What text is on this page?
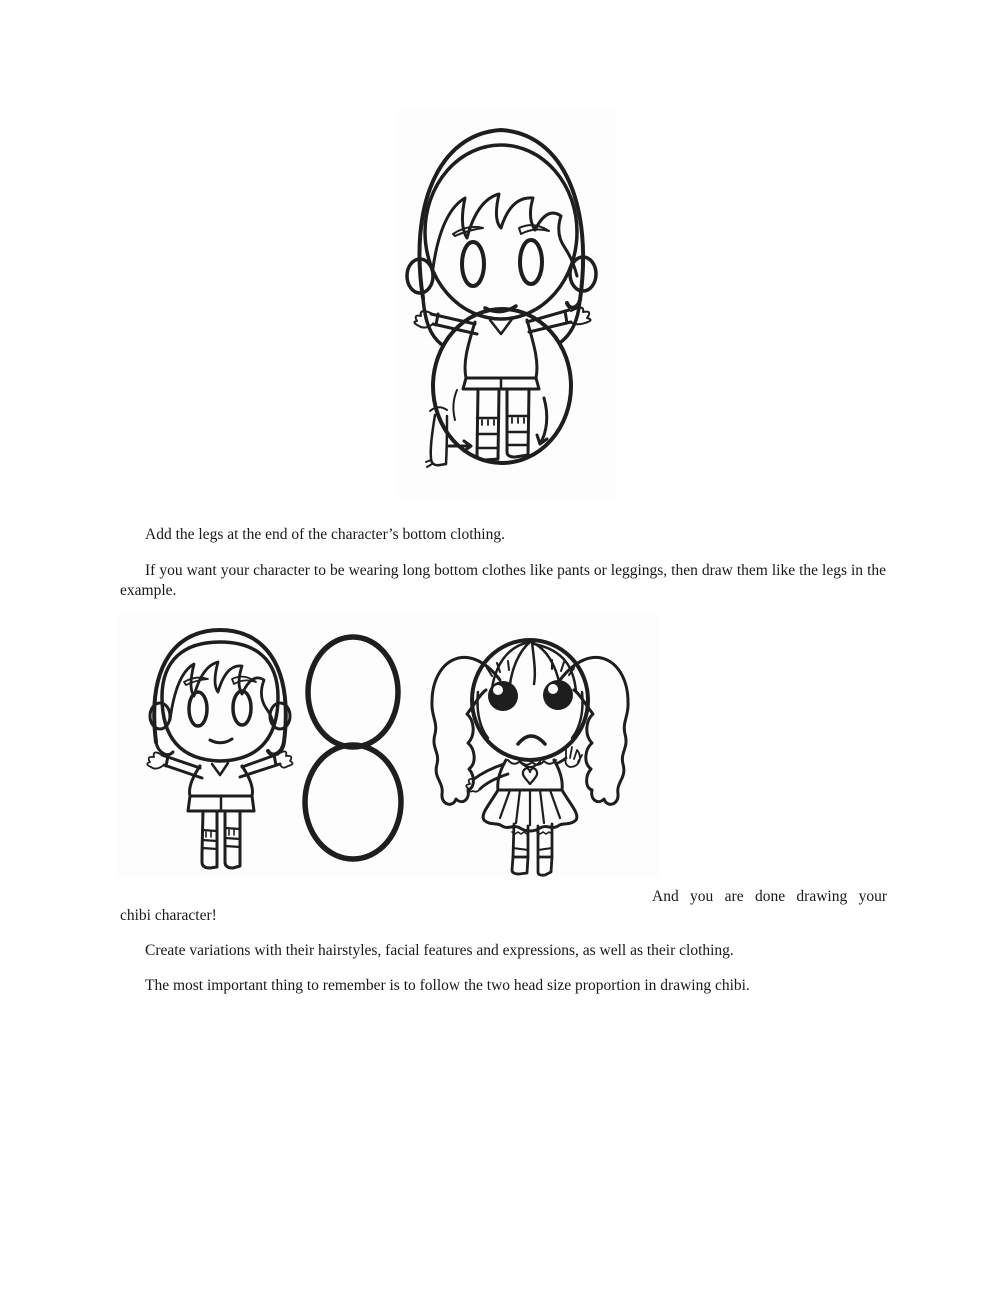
Add the legs at the end of the character’s bottom clothing.

If you want your character to be wearing long bottom clothes like pants or leggings, then draw them like the legs in the example.

And you are done drawing your

chibi character!

Create variations with their hairstyles, facial features and expressions, as well as their clothing.

The most important thing to remember is to follow the two head size proportion in drawing chibi.
